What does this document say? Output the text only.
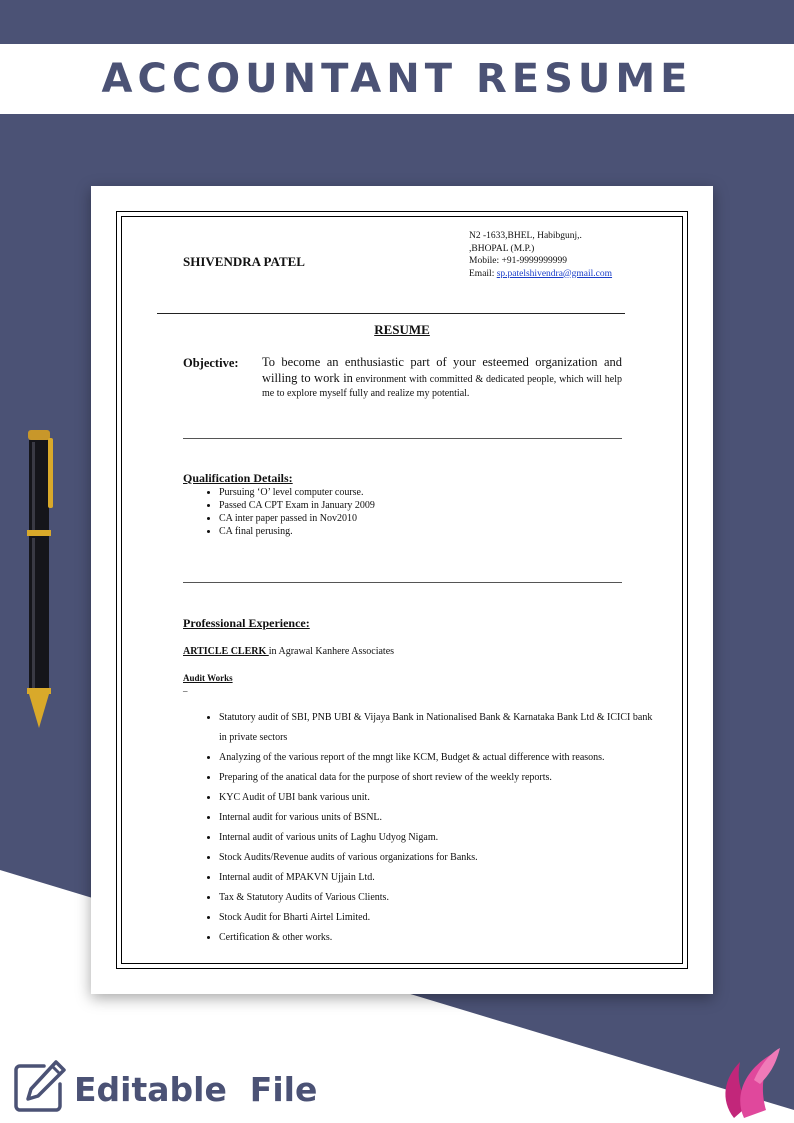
ACCOUNTANT RESUME
SHIVENDRA PATEL
N2 -1633,BHEL, Habibgunj,.
,BHOPAL (M.P.)
Mobile: +91-9999999999
Email: sp.patelshivendra@gmail.com
RESUME
Objective: To become an enthusiastic part of your esteemed organization and willing to work in environment with committed & dedicated people, which will help me to explore myself fully and realize my potential.
Qualification Details:
• Pursuing ‘O’ level computer course.
• Passed CA CPT Exam in January 2009
• CA inter paper passed in Nov2010
• CA final perusing.
Professional Experience:
ARTICLE CLERK in Agrawal Kanhere Associates
Audit Works
–
• Statutory audit of SBI, PNB UBI & Vijaya Bank in Nationalised Bank & Karnataka Bank Ltd & ICICI bank in private sectors
• Analyzing of the various report of the mngt like KCM, Budget & actual difference with reasons.
• Preparing of the anatical data for the purpose of short review of the weekly reports.
• KYC Audit of UBI bank various unit.
• Internal audit for various units of BSNL.
• Internal audit of various units of Laghu Udyog Nigam.
• Stock Audits/Revenue audits of various organizations for Banks.
• Internal audit of MPAKVN Ujjain Ltd.
• Tax & Statutory Audits of Various Clients.
• Stock Audit for Bharti Airtel Limited.
• Certification & other works.
Editable  File
